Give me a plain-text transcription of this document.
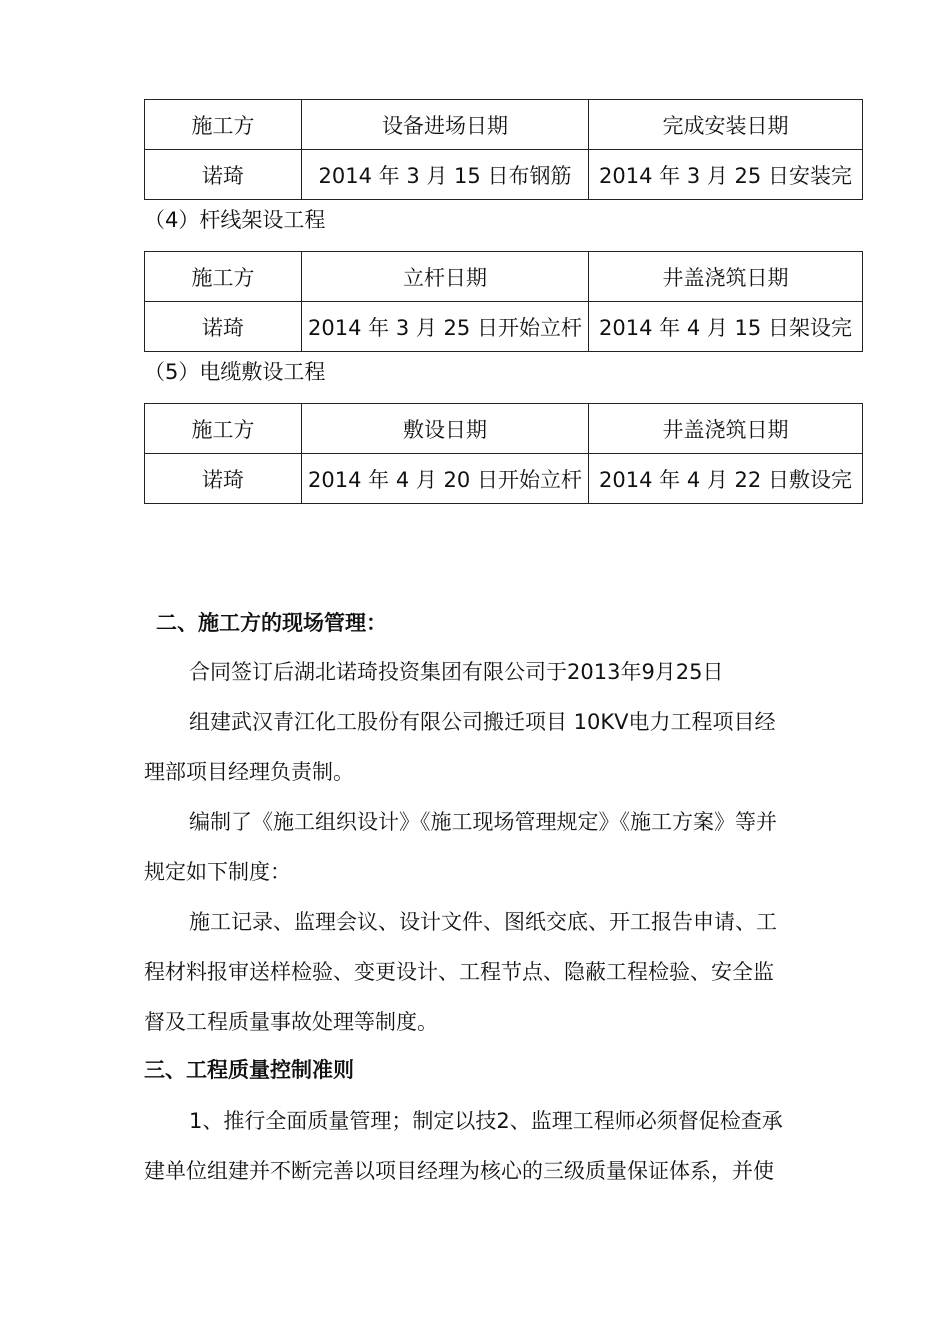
施工方	设备进场日期	完成安装日期
诺琦	2014 年 3 月 15 日布钢筋	2014 年 3 月 25 日安装完
（4）杆线架设工程
施工方	立杆日期	井盖浇筑日期
诺琦	2014 年 3 月 25 日开始立杆	2014 年 4 月 15 日架设完
（5）电缆敷设工程
施工方	敷设日期	井盖浇筑日期
诺琦	2014 年 4 月 20 日开始立杆	2014 年 4 月 22 日敷设完
二、施工方的现场管理：
合同签订后湖北诺琦投资集团有限公司于2013年9月25日
组建武汉青江化工股份有限公司搬迁项目 10KV电力工程项目经
理部项目经理负责制。
编制了《施工组织设计》《施工现场管理规定》《施工方案》等并
规定如下制度：
施工记录、监理会议、设计文件、图纸交底、开工报告申请、工
程材料报审送样检验、变更设计、工程节点、隐蔽工程检验、安全监
督及工程质量事故处理等制度。
三、工程质量控制准则
1、推行全面质量管理；制定以技2、监理工程师必须督促检查承
建单位组建并不断完善以项目经理为核心的三级质量保证体系，并使
